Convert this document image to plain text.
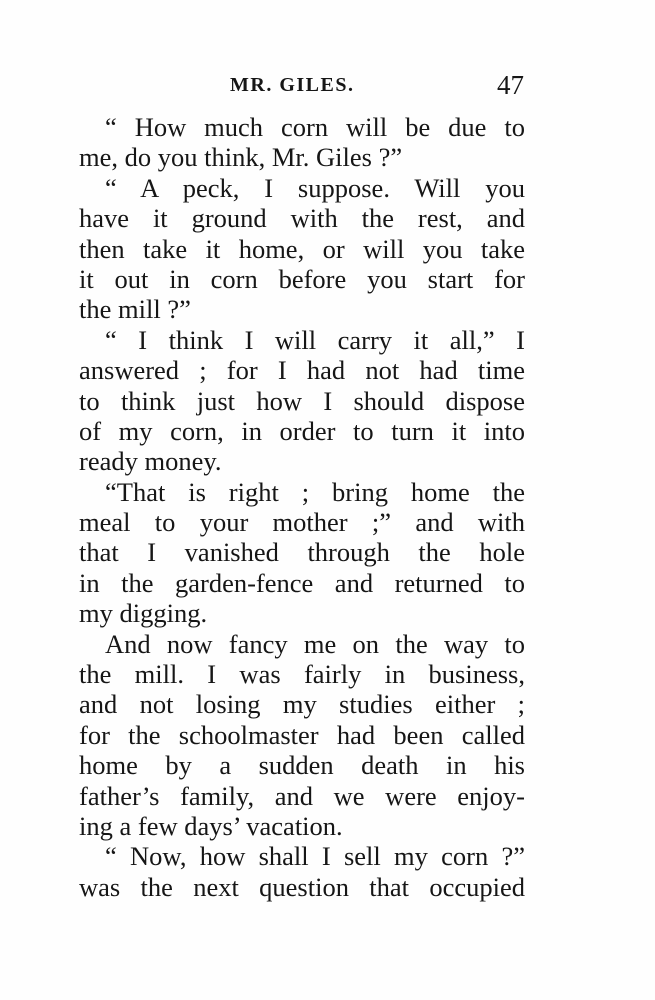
MR. GILES.	47
“ How much corn will be due to
me, do you think, Mr. Giles ?”
“ A peck, I suppose. Will you
have it ground with the rest, and
then take it home, or will you take
it out in corn before you start for
the mill ?”
“ I think I will carry it all,” I
answered ; for I had not had time
to think just how I should dispose
of my corn, in order to turn it into
ready money.
“That is right ; bring home the
meal to your mother ;” and with
that I vanished through the hole
in the garden-fence and returned to
my digging.
And now fancy me on the way to
the mill. I was fairly in business,
and not losing my studies either ;
for the schoolmaster had been called
home by a sudden death in his
father’s family, and we were enjoy-
ing a few days’ vacation.
“ Now, how shall I sell my corn ?”
was the next question that occupied
